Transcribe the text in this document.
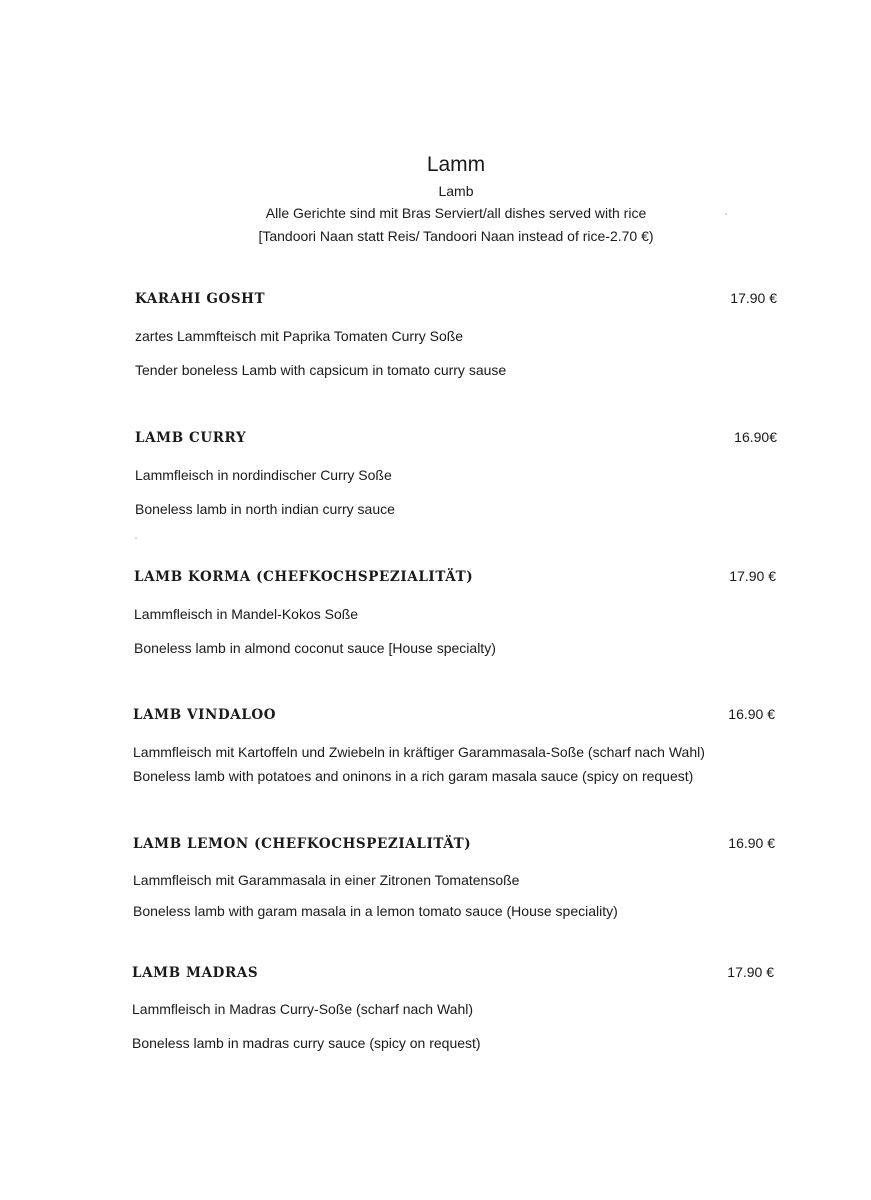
Lamm

Lamb

Alle Gerichte sind mit Bras Serviert/all dishes served with rice

[Tandoori Naan statt Reis/ Tandoori Naan instead of rice-2.70 €)

KARAHI GOSHT	17.90 €
zartes Lammfteisch mit Paprika Tomaten Curry Soße
Tender boneless Lamb with capsicum in tomato curry sause
LAMB CURRY	16.90€
Lammfleisch in nordindischer Curry Soße
Boneless lamb in north indian curry sauce
LAMB KORMA (CHEFKOCHSPEZIALITÄT)	17.90 €
Lammfleisch in Mandel-Kokos Soße
Boneless lamb in almond coconut sauce [House specialty)
LAMB VINDALOO	16.90 €
Lammfleisch mit Kartoffeln und Zwiebeln in kräftiger Garammasala-Soße (scharf nach Wahl)
Boneless lamb with potatoes and oninons in a rich garam masala sauce (spicy on request)
LAMB LEMON (CHEFKOCHSPEZIALITÄT)	16.90 €
Lammfleisch mit Garammasala in einer Zitronen Tomatensoße
Boneless lamb with garam masala in a lemon tomato sauce (House speciality)
LAMB MADRAS	17.90 €
Lammfleisch in Madras Curry-Soße (scharf nach Wahl)
Boneless lamb in madras curry sauce (spicy on request)
